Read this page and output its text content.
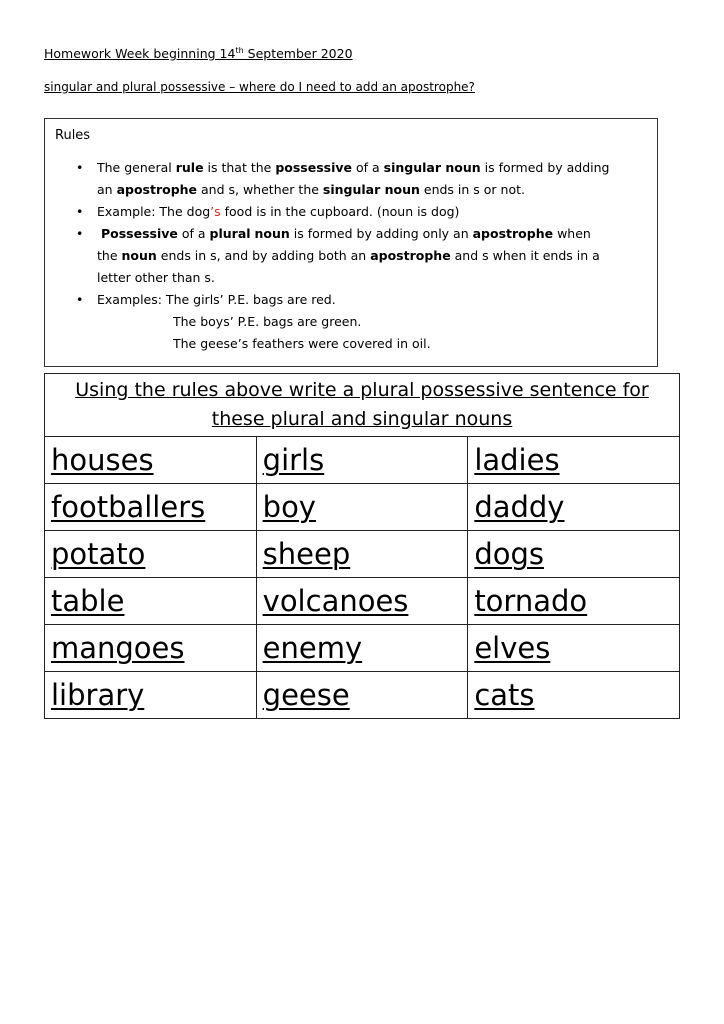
Homework Week beginning 14th September 2020

singular and plural possessive – where do I need to add an apostrophe?

Rules
• The general rule is that the possessive of a singular noun is formed by adding
an apostrophe and s, whether the singular noun ends in s or not.
• Example: The dog’s food is in the cupboard. (noun is dog)
• Possessive of a plural noun is formed by adding only an apostrophe when
the noun ends in s, and by adding both an apostrophe and s when it ends in a
letter other than s.
• Examples: The girls’ P.E. bags are red.
The boys’ P.E. bags are green.
The geese’s feathers were covered in oil.
Using the rules above write a plural possessive sentence for
these plural and singular nouns		
houses	girls	ladies
footballers	boy	daddy
potato	sheep	dogs
table	volcanoes	tornado
mangoes	enemy	elves
library	geese	cats
